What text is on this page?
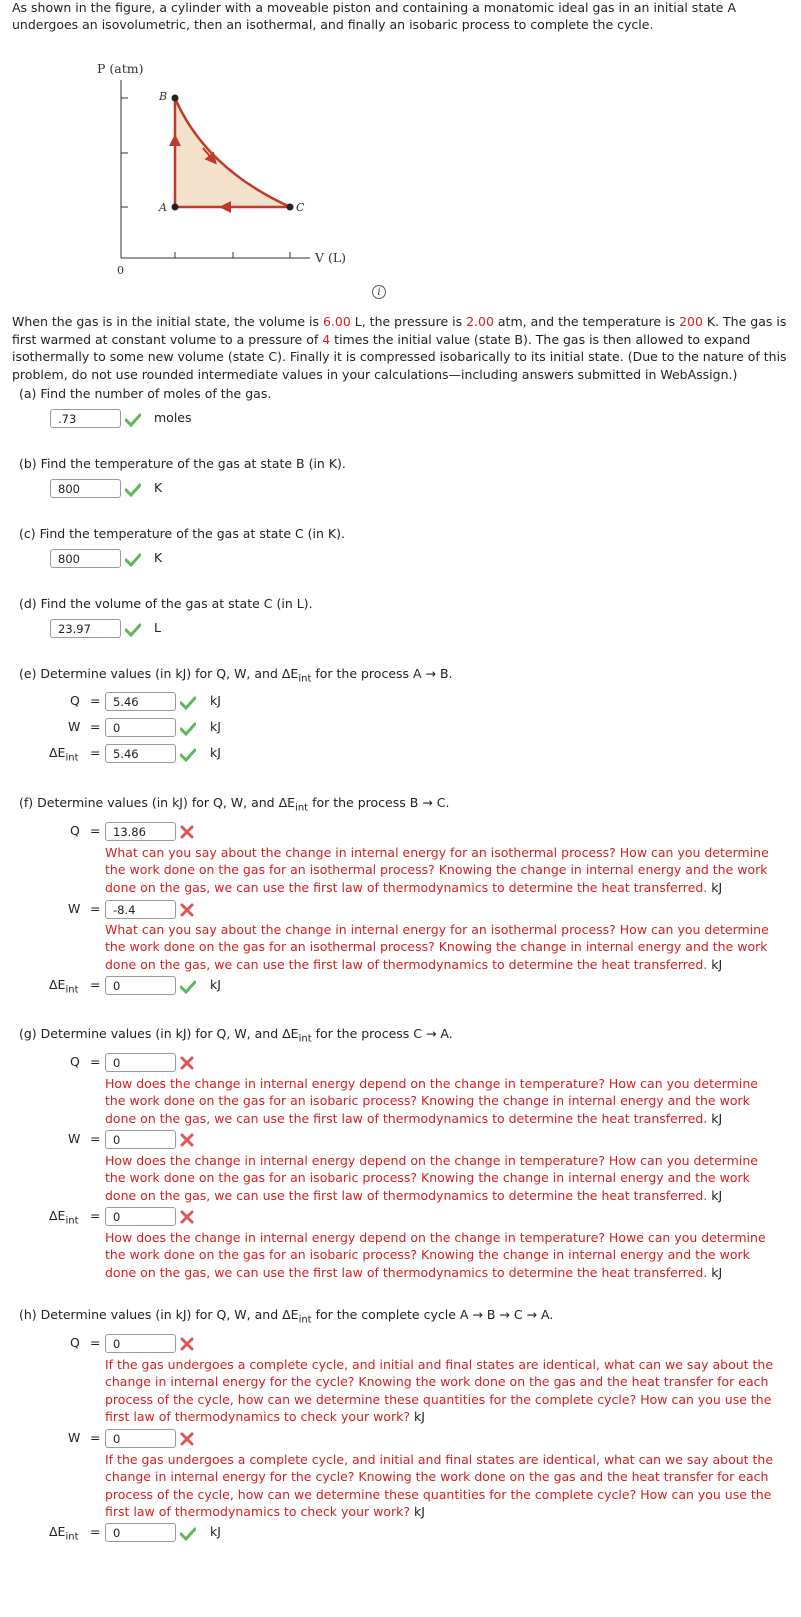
As shown in the figure, a cylinder with a moveable piston and containing a monatomic ideal gas in an initial state A undergoes an isovolumetric, then an isothermal, and finally an isobaric process to complete the cycle.
P (atm)
V (L)
0
A
B
C
i
When the gas is in the initial state, the volume is 6.00 L, the pressure is 2.00 atm, and the temperature is 200 K. The gas is first warmed at constant volume to a pressure of 4 times the initial value (state B). The gas is then allowed to expand isothermally to some new volume (state C). Finally it is compressed isobarically to its initial state. (Due to the nature of this problem, do not use rounded intermediate values in your calculations—including answers submitted in WebAssign.)
(a) Find the number of moles of the gas.
.73	moles
(b) Find the temperature of the gas at state B (in K).
800	K
(c) Find the temperature of the gas at state C (in K).
800	K
(d) Find the volume of the gas at state C (in L).
23.97	L
(e) Determine values (in kJ) for Q, W, and $\Delta E_{int}$ for the process A → B.
Q =	5.46	kJ
W =	0	kJ
$\Delta E_{int}$ =	5.46	kJ
(f) Determine values (in kJ) for Q, W, and $\Delta E_{int}$ for the process B → C.
Q =	13.86
What can you say about the change in internal energy for an isothermal process? How can you determine the work done on the gas for an isothermal process? Knowing the change in internal energy and the work done on the gas, we can use the first law of thermodynamics to determine the heat transferred. kJ
W =	-8.4
What can you say about the change in internal energy for an isothermal process? How can you determine the work done on the gas for an isothermal process? Knowing the change in internal energy and the work done on the gas, we can use the first law of thermodynamics to determine the heat transferred. kJ
$\Delta E_{int}$ =	0	kJ
(g) Determine values (in kJ) for Q, W, and $\Delta E_{int}$ for the process C → A.
Q =	0
How does the change in internal energy depend on the change in temperature? How can you determine the work done on the gas for an isobaric process? Knowing the change in internal energy and the work done on the gas, we can use the first law of thermodynamics to determine the heat transferred. kJ
W =	0
How does the change in internal energy depend on the change in temperature? How can you determine the work done on the gas for an isobaric process? Knowing the change in internal energy and the work done on the gas, we can use the first law of thermodynamics to determine the heat transferred. kJ
$\Delta E_{int}$ =	0
How does the change in internal energy depend on the change in temperature? Howe can you determine the work done on the gas for an isobaric process? Knowing the change in internal energy and the work done on the gas, we can use the first law of thermodynamics to determine the heat transferred. kJ
(h) Determine values (in kJ) for Q, W, and $\Delta E_{int}$ for the complete cycle A → B → C → A.
Q =	0
If the gas undergoes a complete cycle, and initial and final states are identical, what can we say about the change in internal energy for the cycle? Knowing the work done on the gas and the heat transfer for each process of the cycle, how can we determine these quantities for the complete cycle? How can you use the first law of thermodynamics to check your work? kJ
W =	0
If the gas undergoes a complete cycle, and initial and final states are identical, what can we say about the change in internal energy for the cycle? Knowing the work done on the gas and the heat transfer for each process of the cycle, how can we determine these quantities for the complete cycle? How can you use the first law of thermodynamics to check your work? kJ
$\Delta E_{int}$ =	0	kJ
